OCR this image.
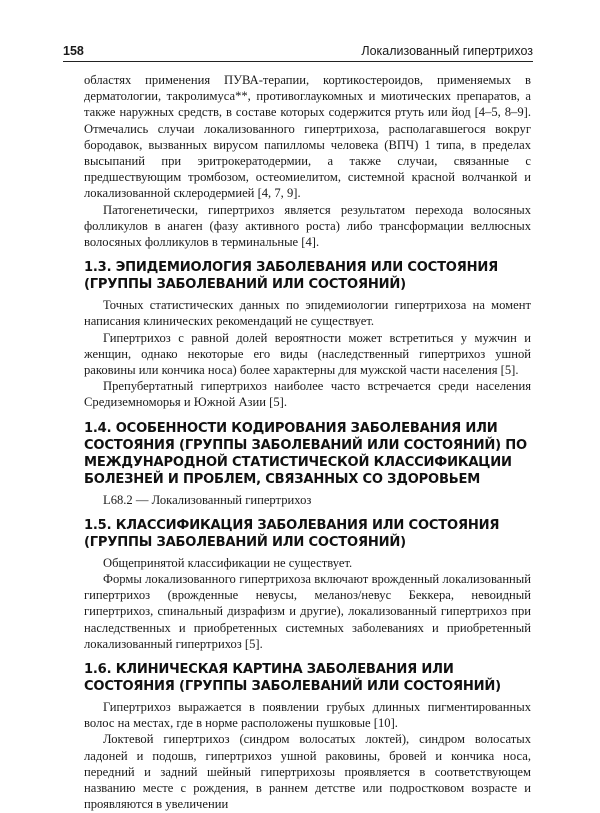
158	Локализованный гипертрихоз

областях применения ПУВА-терапии, кортикостероидов, применяемых в дерматологии, такролимуса**, противоглаукомных и миотических препаратов, а также наружных средств, в составе которых содержится ртуть или йод [4–5, 8–9]. Отмечались случаи локализованного гипертрихоза, располагавшегося вокруг бородавок, вызванных вирусом папилломы человека (ВПЧ) 1 типа, в пределах высыпаний при эритрокератодермии, а также случаи, связанные с предшествующим тромбозом, остеомиелитом, системной красной волчанкой и локализованной склеродермией [4, 7, 9].

Патогенетически, гипертрихоз является результатом перехода волосяных фолликулов в анаген (фазу активного роста) либо трансформации веллюсных волосяных фолликулов в терминальные [4].

1.3. ЭПИДЕМИОЛОГИЯ ЗАБОЛЕВАНИЯ ИЛИ СОСТОЯНИЯ (ГРУППЫ ЗАБОЛЕВАНИЙ ИЛИ СОСТОЯНИЙ)

Точных статистических данных по эпидемиологии гипертрихоза на момент написания клинических рекомендаций не существует.

Гипертрихоз с равной долей вероятности может встретиться у мужчин и женщин, однако некоторые его виды (наследственный гипертрихоз ушной раковины или кончика носа) более характерны для мужской части населения [5].

Препубертатный гипертрихоз наиболее часто встречается среди населения Средиземноморья и Южной Азии [5].

1.4. ОСОБЕННОСТИ КОДИРОВАНИЯ ЗАБОЛЕВАНИЯ ИЛИ СОСТОЯНИЯ (ГРУППЫ ЗАБОЛЕВАНИЙ ИЛИ СОСТОЯНИЙ) ПО МЕЖДУНАРОДНОЙ СТАТИСТИЧЕСКОЙ КЛАССИФИКАЦИИ БОЛЕЗНЕЙ И ПРОБЛЕМ, СВЯЗАННЫХ СО ЗДОРОВЬЕМ

L68.2 — Локализованный гипертрихоз

1.5. КЛАССИФИКАЦИЯ ЗАБОЛЕВАНИЯ ИЛИ СОСТОЯНИЯ (ГРУППЫ ЗАБОЛЕВАНИЙ ИЛИ СОСТОЯНИЙ)

Общепринятой классификации не существует.

Формы локализованного гипертрихоза включают врожденный локализованный гипертрихоз (врожденные невусы, меланоз/невус Беккера, невоидный гипертрихоз, спинальный дизрафизм и другие), локализованный гипертрихоз при наследственных и приобретенных системных заболеваниях и приобретенный локализованный гипертрихоз [5].

1.6. КЛИНИЧЕСКАЯ КАРТИНА ЗАБОЛЕВАНИЯ ИЛИ СОСТОЯНИЯ (ГРУППЫ ЗАБОЛЕВАНИЙ ИЛИ СОСТОЯНИЙ)

Гипертрихоз выражается в появлении грубых длинных пигментированных волос на местах, где в норме расположены пушковые [10].

Локтевой гипертрихоз (синдром волосатых локтей), синдром волосатых ладоней и подошв, гипертрихоз ушной раковины, бровей и кончика носа, передний и задний шейный гипертрихозы проявляется в соответствующем названию месте с рождения, в раннем детстве или подростковом возрасте и проявляются в увеличении
